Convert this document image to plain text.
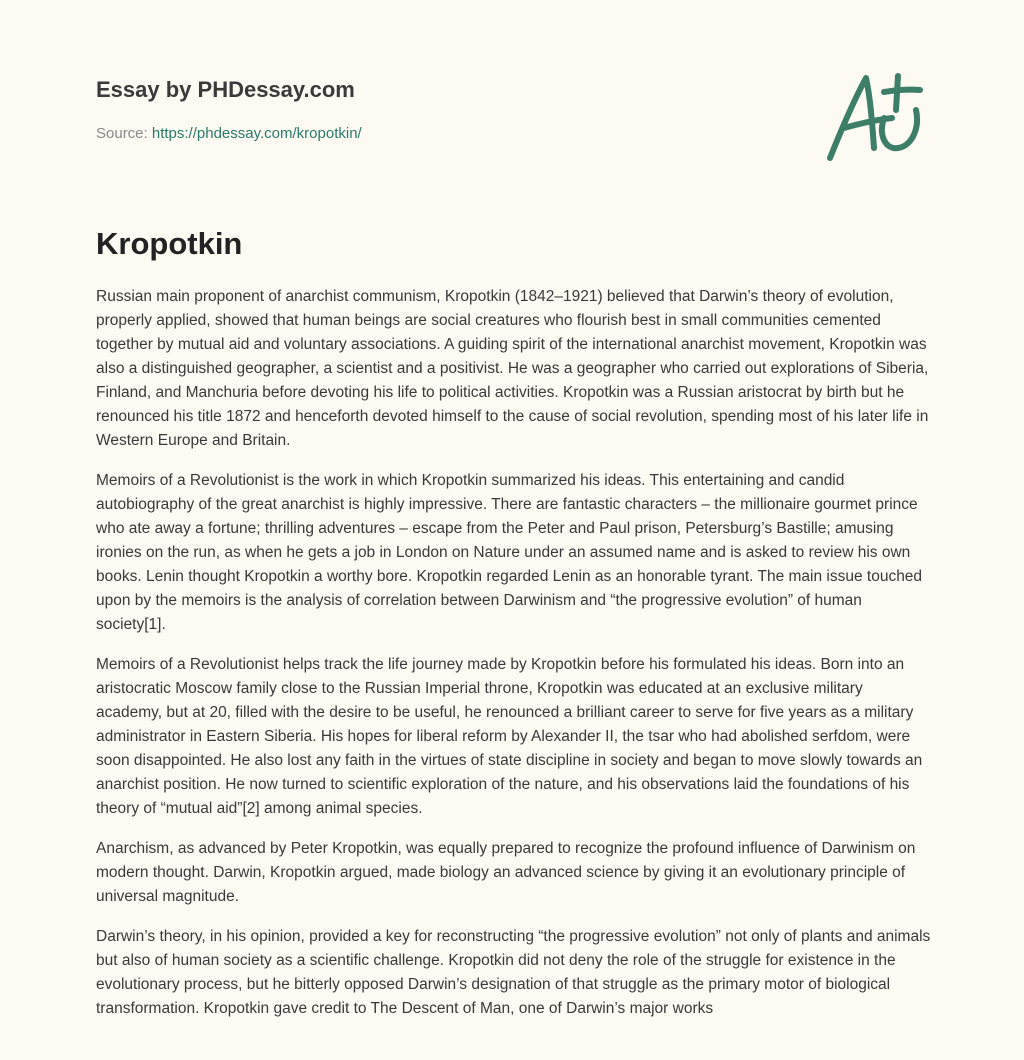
Essay by PHDessay.com
Source: https://phdessay.com/kropotkin/
Kropotkin

Russian main proponent of anarchist communism, Kropotkin (1842–1921) believed that Darwin’s theory of evolution, properly applied, showed that human beings are social creatures who flourish best in small communities cemented together by mutual aid and voluntary associations. A guiding spirit of the international anarchist movement, Kropotkin was also a distinguished geographer, a scientist and a positivist. He was a geographer who carried out explorations of Siberia, Finland, and Manchuria before devoting his life to political activities. Kropotkin was a Russian aristocrat by birth but he renounced his title 1872 and henceforth devoted himself to the cause of social revolution, spending most of his later life in Western Europe and Britain.

Memoirs of a Revolutionist is the work in which Kropotkin summarized his ideas. This entertaining and candid autobiography of the great anarchist is highly impressive. There are fantastic characters – the millionaire gourmet prince who ate away a fortune; thrilling adventures – escape from the Peter and Paul prison, Petersburg’s Bastille; amusing ironies on the run, as when he gets a job in London on Nature under an assumed name and is asked to review his own books. Lenin thought Kropotkin a worthy bore. Kropotkin regarded Lenin as an honorable tyrant. The main issue touched upon by the memoirs is the analysis of correlation between Darwinism and “the progressive evolution” of human society[1].

Memoirs of a Revolutionist helps track the life journey made by Kropotkin before his formulated his ideas. Born into an aristocratic Moscow family close to the Russian Imperial throne, Kropotkin was educated at an exclusive military academy, but at 20, filled with the desire to be useful, he renounced a brilliant career to serve for five years as a military administrator in Eastern Siberia. His hopes for liberal reform by Alexander II, the tsar who had abolished serfdom, were soon disappointed. He also lost any faith in the virtues of state discipline in society and began to move slowly towards an anarchist position. He now turned to scientific exploration of the nature, and his observations laid the foundations of his theory of “mutual aid”[2] among animal species.

Anarchism, as advanced by Peter Kropotkin, was equally prepared to recognize the profound influence of Darwinism on modern thought. Darwin, Kropotkin argued, made biology an advanced science by giving it an evolutionary principle of universal magnitude.

Darwin’s theory, in his opinion, provided a key for reconstructing “the progressive evolution” not only of plants and animals but also of human society as a scientific challenge. Kropotkin did not deny the role of the struggle for existence in the evolutionary process, but he bitterly opposed Darwin’s designation of that struggle as the primary motor of biological transformation. Kropotkin gave credit to The Descent of Man, one of Darwin’s major works
